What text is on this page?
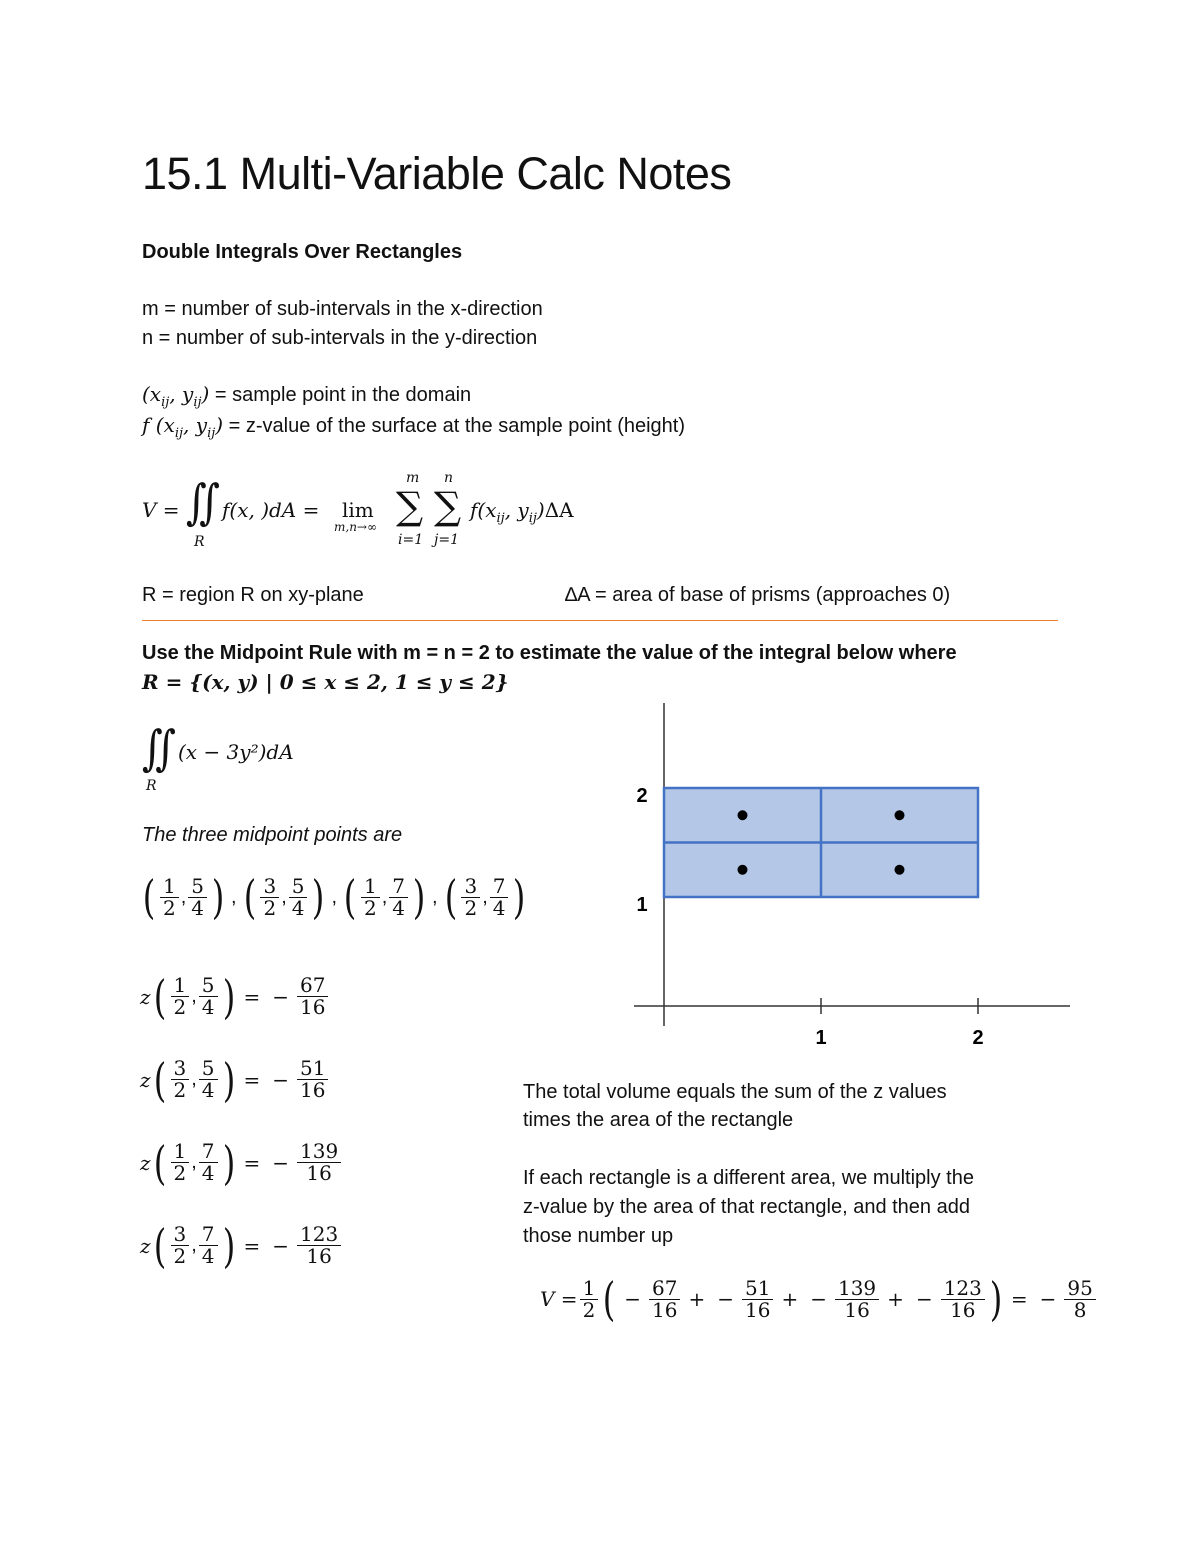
15.1 Multi-Variable Calc Notes
Double Integrals Over Rectangles
m = number of sub-intervals in the x-direction
n = number of sub-intervals in the y-direction
($x_{ij}$, $y_{ij}$) = sample point in the domain
f ($x_{ij}$, $y_{ij}$) = z-value of the surface at the sample point (height)
V = ∬
R
f(x, )dA = lim
m,n→∞
m
∑
i=1
n
∑
j=1
$f(x_{ij}$, $y_{ij})\Delta A$
R = region R on xy-plane	∆A = area of base of prisms (approaches 0)
Use the Midpoint Rule with m = n = 2 to estimate the value of the integral below where
R = {(x, y) | 0 ≤ x ≤ 2, 1 ≤ y ≤ 2}
∬
R
(x − 3y²)dA
The three midpoint points are
( $\frac{1}{2}$ , $\frac{5}{4}$ ) , ( $\frac{3}{2}$ , $\frac{5}{4}$ ) , ( $\frac{1}{2}$ , $\frac{7}{4}$ ) , ( $\frac{3}{2}$ , $\frac{7}{4}$ )
z ( $\frac{1}{2}$ , $\frac{5}{4}$ ) = − $\frac{67}{16}$
z ( $\frac{3}{2}$ , $\frac{5}{4}$ ) = − $\frac{51}{16}$
z ( $\frac{1}{2}$ , $\frac{7}{4}$ ) = − $\frac{139}{16}$
z ( $\frac{3}{2}$ , $\frac{7}{4}$ ) = − $\frac{123}{16}$
1	2
1
2
The total volume equals the sum of the z values
times the area of the rectangle
If each rectangle is a different area, we multiply the
z-value by the area of that rectangle, and then add
those number up
$V = \frac{1}{2}$ ( − $\frac{67}{16}$ + − $\frac{51}{16}$ + − $\frac{139}{16}$ + − $\frac{123}{16}$ ) = − $\frac{95}{8}$
